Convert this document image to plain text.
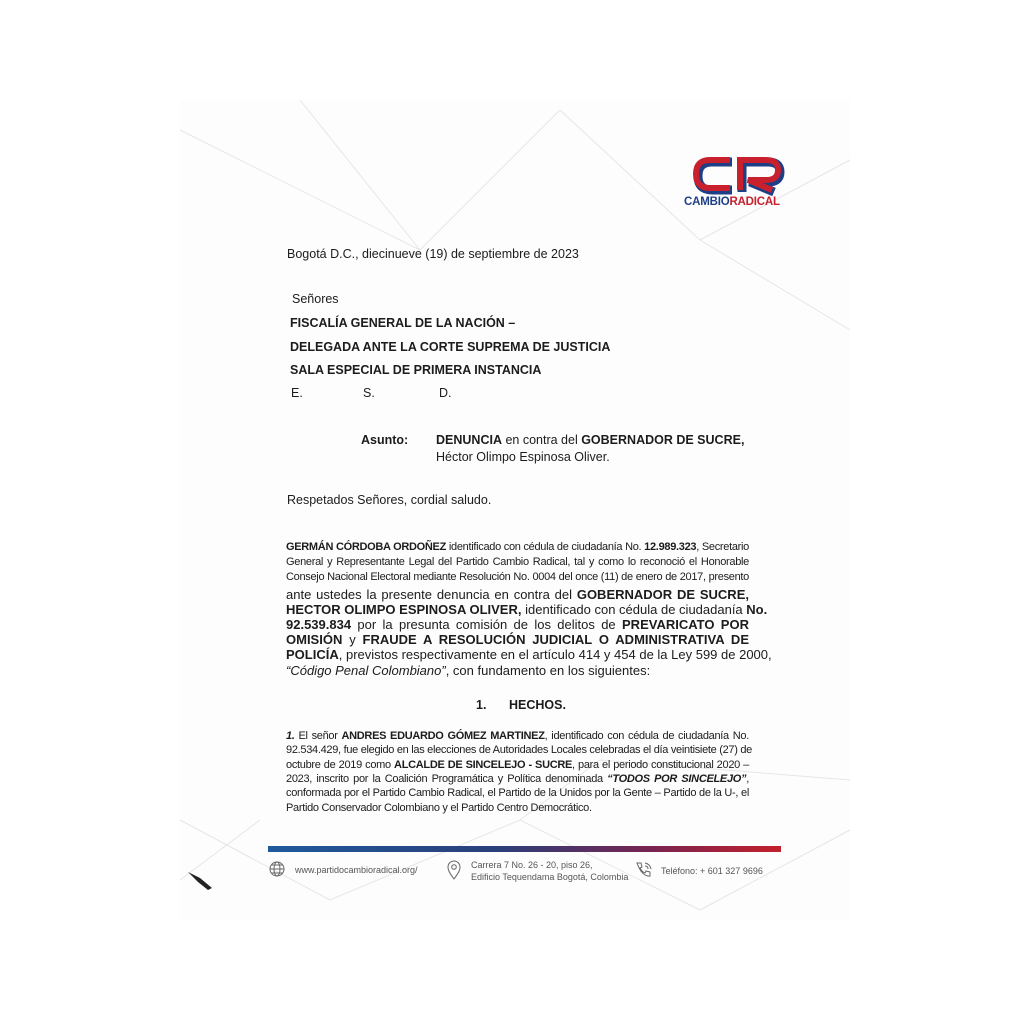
CAMBIORADICAL
Bogotá D.C., diecinueve (19) de septiembre de 2023
Señores
FISCALÍA GENERAL DE LA NACIÓN –
DELEGADA ANTE LA CORTE SUPREMA DE JUSTICIA
SALA ESPECIAL DE PRIMERA INSTANCIA
E.	S.	D.
Asunto: DENUNCIA en contra del GOBERNADOR DE SUCRE,
Héctor Olimpo Espinosa Oliver.
Respetados Señores, cordial saludo.
GERMÁN CÓRDOBA ORDOÑEZ identificado con cédula de ciudadanía No. 12.989.323, Secretario
General y Representante Legal del Partido Cambio Radical, tal y como lo reconoció el Honorable
Consejo Nacional Electoral mediante Resolución No. 0004 del once (11) de enero de 2017, presento
ante ustedes la presente denuncia en contra del GOBERNADOR DE SUCRE,
HECTOR OLIMPO ESPINOSA OLIVER, identificado con cédula de ciudadanía No.
92.539.834 por la presunta comisión de los delitos de PREVARICATO POR
OMISIÓN y FRAUDE A RESOLUCIÓN JUDICIAL O ADMINISTRATIVA DE
POLICÍA, previstos respectivamente en el artículo 414 y 454 de la Ley 599 de 2000,
“Código Penal Colombiano”, con fundamento en los siguientes:
1. HECHOS.
1. El señor ANDRES EDUARDO GÓMEZ MARTINEZ, identificado con cédula de ciudadanía No.
92.534.429, fue elegido en las elecciones de Autoridades Locales celebradas el día veintisiete (27) de
octubre de 2019 como ALCALDE DE SINCELEJO - SUCRE, para el periodo constitucional 2020 –
2023, inscrito por la Coalición Programática y Política denominada “TODOS POR SINCELEJO”,
conformada por el Partido Cambio Radical, el Partido de la Unidos por la Gente – Partido de la U-, el
Partido Conservador Colombiano y el Partido Centro Democrático.
www.partidocambioradical.org/	Carrera 7 No. 26 - 20, piso 26,
Edificio Tequendama Bogotá, Colombia
Teléfono: + 601 327 9696
